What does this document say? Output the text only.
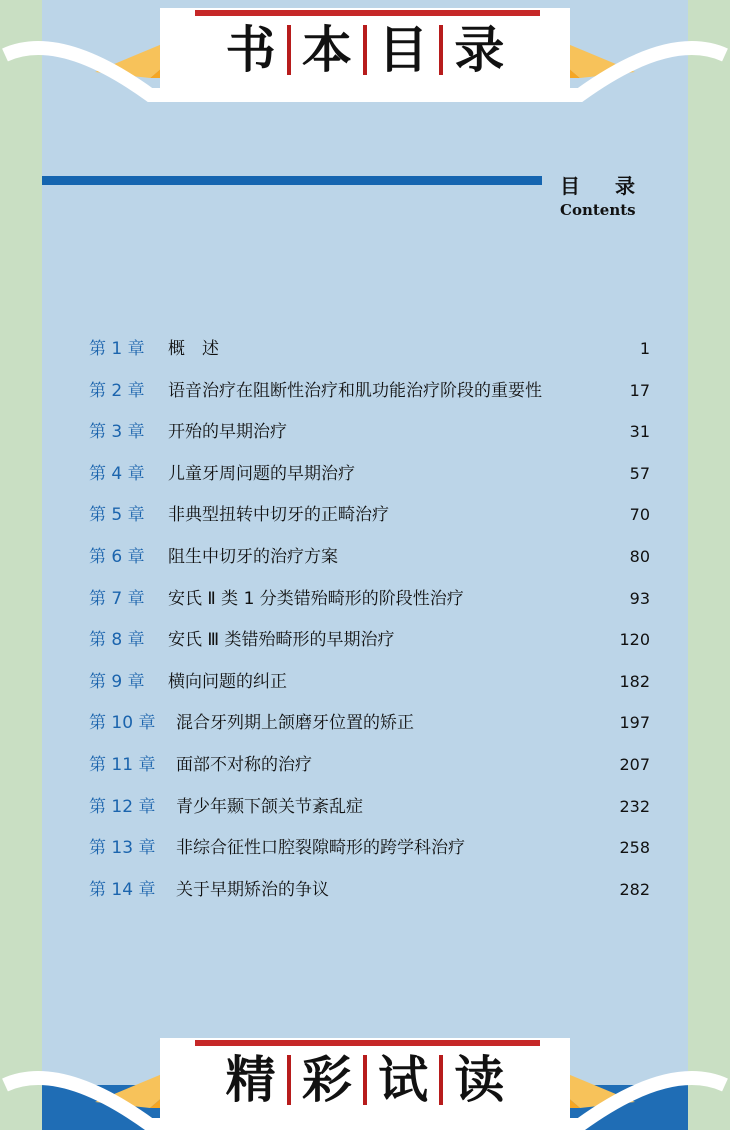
书 本 目 录
目 录
Contents
第 1 章 概　述	1
第 2 章 语音治疗在阻断性治疗和肌功能治疗阶段的重要性	17
第 3 章 开殆的早期治疗	31
第 4 章 儿童牙周问题的早期治疗	57
第 5 章 非典型扭转中切牙的正畸治疗	70
第 6 章 阻生中切牙的治疗方案	80
第 7 章 安氏 Ⅱ 类 1 分类错殆畸形的阶段性治疗	93
第 8 章 安氏 Ⅲ 类错殆畸形的早期治疗	120
第 9 章 横向问题的纠正	182
第 10 章 混合牙列期上颌磨牙位置的矫正	197
第 11 章 面部不对称的治疗	207
第 12 章 青少年颞下颌关节紊乱症	232
第 13 章 非综合征性口腔裂隙畸形的跨学科治疗	258
第 14 章 关于早期矫治的争议	282
精 彩 试 读
